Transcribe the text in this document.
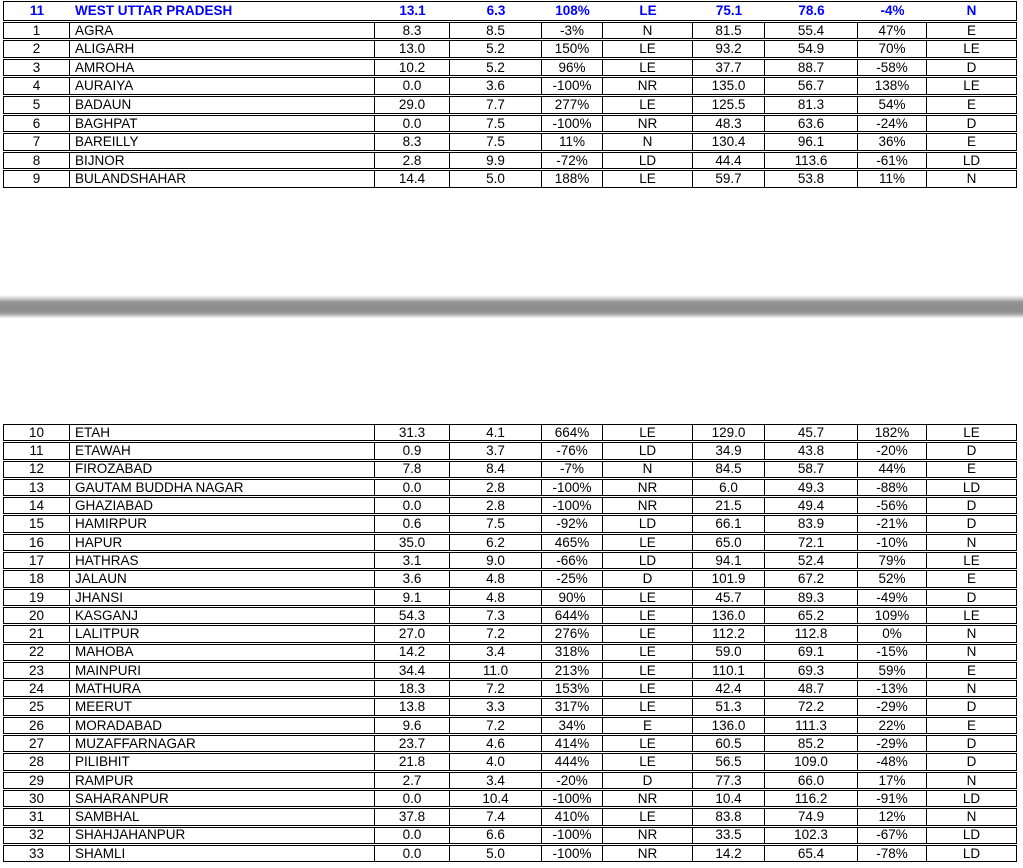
11	WEST UTTAR PRADESH	13.1	6.3	108%	LE	75.1	78.6	-4%	N
1	AGRA	8.3	8.5	-3%	N	81.5	55.4	47%	E
2	ALIGARH	13.0	5.2	150%	LE	93.2	54.9	70%	LE
3	AMROHA	10.2	5.2	96%	LE	37.7	88.7	-58%	D
4	AURAIYA	0.0	3.6	-100%	NR	135.0	56.7	138%	LE
5	BADAUN	29.0	7.7	277%	LE	125.5	81.3	54%	E
6	BAGHPAT	0.0	7.5	-100%	NR	48.3	63.6	-24%	D
7	BAREILLY	8.3	7.5	11%	N	130.4	96.1	36%	E
8	BIJNOR	2.8	9.9	-72%	LD	44.4	113.6	-61%	LD
9	BULANDSHAHAR	14.4	5.0	188%	LE	59.7	53.8	11%	N
10	ETAH	31.3	4.1	664%	LE	129.0	45.7	182%	LE
11	ETAWAH	0.9	3.7	-76%	LD	34.9	43.8	-20%	D
12	FIROZABAD	7.8	8.4	-7%	N	84.5	58.7	44%	E
13	GAUTAM BUDDHA NAGAR	0.0	2.8	-100%	NR	6.0	49.3	-88%	LD
14	GHAZIABAD	0.0	2.8	-100%	NR	21.5	49.4	-56%	D
15	HAMIRPUR	0.6	7.5	-92%	LD	66.1	83.9	-21%	D
16	HAPUR	35.0	6.2	465%	LE	65.0	72.1	-10%	N
17	HATHRAS	3.1	9.0	-66%	LD	94.1	52.4	79%	LE
18	JALAUN	3.6	4.8	-25%	D	101.9	67.2	52%	E
19	JHANSI	9.1	4.8	90%	LE	45.7	89.3	-49%	D
20	KASGANJ	54.3	7.3	644%	LE	136.0	65.2	109%	LE
21	LALITPUR	27.0	7.2	276%	LE	112.2	112.8	0%	N
22	MAHOBA	14.2	3.4	318%	LE	59.0	69.1	-15%	N
23	MAINPURI	34.4	11.0	213%	LE	110.1	69.3	59%	E
24	MATHURA	18.3	7.2	153%	LE	42.4	48.7	-13%	N
25	MEERUT	13.8	3.3	317%	LE	51.3	72.2	-29%	D
26	MORADABAD	9.6	7.2	34%	E	136.0	111.3	22%	E
27	MUZAFFARNAGAR	23.7	4.6	414%	LE	60.5	85.2	-29%	D
28	PILIBHIT	21.8	4.0	444%	LE	56.5	109.0	-48%	D
29	RAMPUR	2.7	3.4	-20%	D	77.3	66.0	17%	N
30	SAHARANPUR	0.0	10.4	-100%	NR	10.4	116.2	-91%	LD
31	SAMBHAL	37.8	7.4	410%	LE	83.8	74.9	12%	N
32	SHAHJAHANPUR	0.0	6.6	-100%	NR	33.5	102.3	-67%	LD
33	SHAMLI	0.0	5.0	-100%	NR	14.2	65.4	-78%	LD
